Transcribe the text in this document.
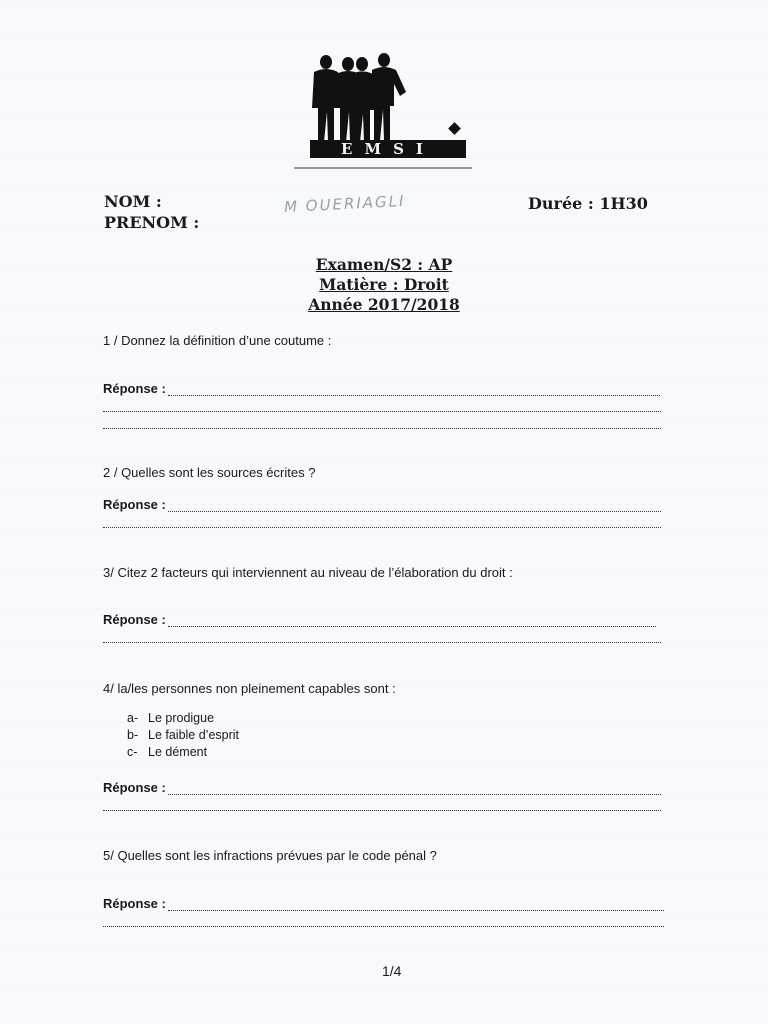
EMSI
NOM :
PRENOM :
M OUERIAGLI	Durée : 1H30
Examen/S2 : AP
Matière : Droit
Année 2017/2018
1 / Donnez la définition d’une coutume :
Réponse :
2 / Quelles sont les sources écrites ?
Réponse :
3/ Citez 2 facteurs qui interviennent au niveau de l’élaboration du droit :
Réponse :
4/ la/les personnes non pleinement capables sont :
a- Le prodigue
b- Le faible d’esprit
c- Le dément
Réponse :
5/ Quelles sont les infractions prévues par le code pénal ?
Réponse :
1/4
